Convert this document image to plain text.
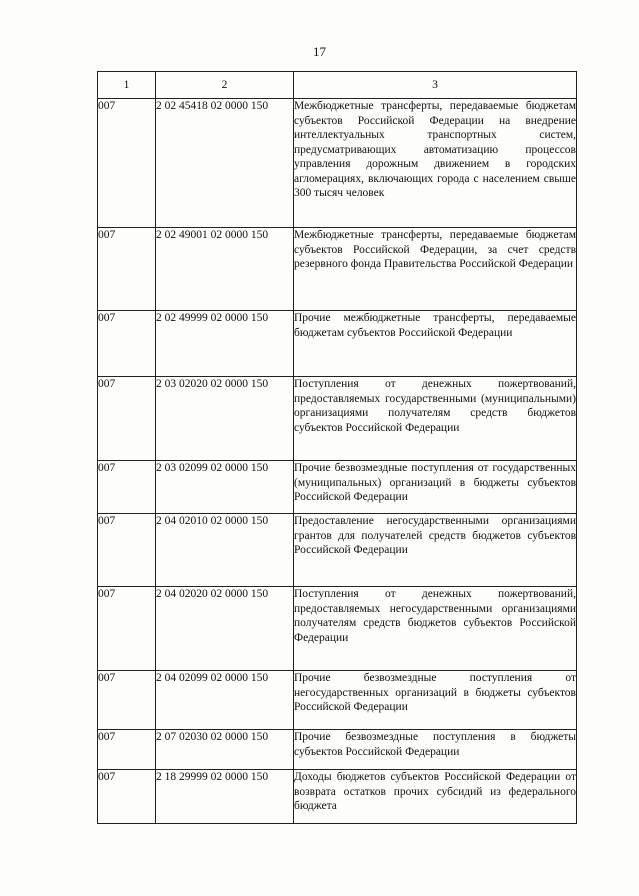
17
1	2	3
007	2 02 45418 02 0000 150	Межбюджетные трансферты, передаваемые бюджетам субъектов Российской Федерации на внедрение интеллектуальных транспортных систем, предусматривающих автоматизацию процессов управления дорожным движением в городских агломерациях, включающих города с населением свыше 300 тысяч человек
007	2 02 49001 02 0000 150	Межбюджетные трансферты, передаваемые бюджетам субъектов Российской Федерации, за счет средств резервного фонда Правительства Российской Федерации
007	2 02 49999 02 0000 150	Прочие межбюджетные трансферты, передаваемые бюджетам субъектов Российской Федерации
007	2 03 02020 02 0000 150	Поступления от денежных пожертвований, предоставляемых государственными (муниципальными) организациями получателям средств бюджетов субъектов Российской Федерации
007	2 03 02099 02 0000 150	Прочие безвозмездные поступления от государственных (муниципальных) организаций в бюджеты субъектов Российской Федерации
007	2 04 02010 02 0000 150	Предоставление негосударственными организациями грантов для получателей средств бюджетов субъектов Российской Федерации
007	2 04 02020 02 0000 150	Поступления от денежных пожертвований, предоставляемых негосударственными организациями получателям средств бюджетов субъектов Российской Федерации
007	2 04 02099 02 0000 150	Прочие безвозмездные поступления от негосударственных организаций в бюджеты субъектов Российской Федерации
007	2 07 02030 02 0000 150	Прочие безвозмездные поступления в бюджеты субъектов Российской Федерации
007	2 18 29999 02 0000 150	Доходы бюджетов субъектов Российской Федерации от возврата остатков прочих субсидий из федерального бюджета
